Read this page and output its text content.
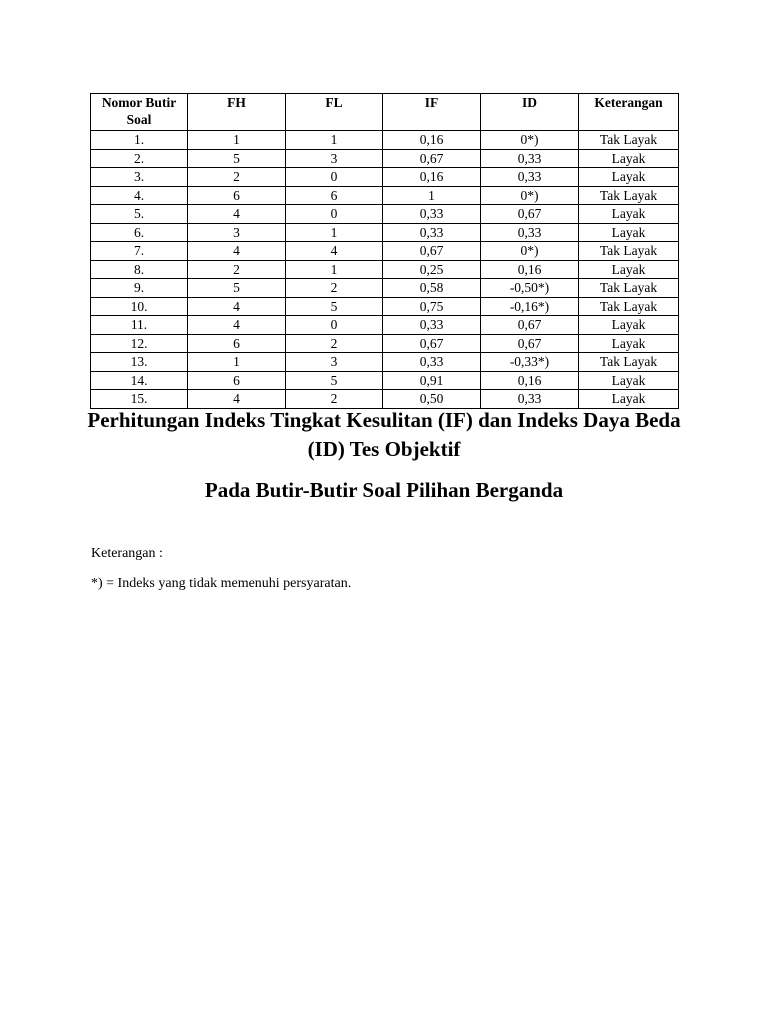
Nomor Butir Soal	FH	FL	IF	ID	Keterangan
1.	1	1	0,16	0*)	Tak Layak
2.	5	3	0,67	0,33	Layak
3.	2	0	0,16	0,33	Layak
4.	6	6	1	0*)	Tak Layak
5.	4	0	0,33	0,67	Layak
6.	3	1	0,33	0,33	Layak
7.	4	4	0,67	0*)	Tak Layak
8.	2	1	0,25	0,16	Layak
9.	5	2	0,58	-0,50*)	Tak Layak
10.	4	5	0,75	-0,16*)	Tak Layak
11.	4	0	0,33	0,67	Layak
12.	6	2	0,67	0,67	Layak
13.	1	3	0,33	-0,33*)	Tak Layak
14.	6	5	0,91	0,16	Layak
15.	4	2	0,50	0,33	Layak
Perhitungan Indeks Tingkat Kesulitan (IF) dan Indeks Daya Beda (ID) Tes Objektif
Pada Butir-Butir Soal Pilihan Berganda

Keterangan :

*) = Indeks yang tidak memenuhi persyaratan.
